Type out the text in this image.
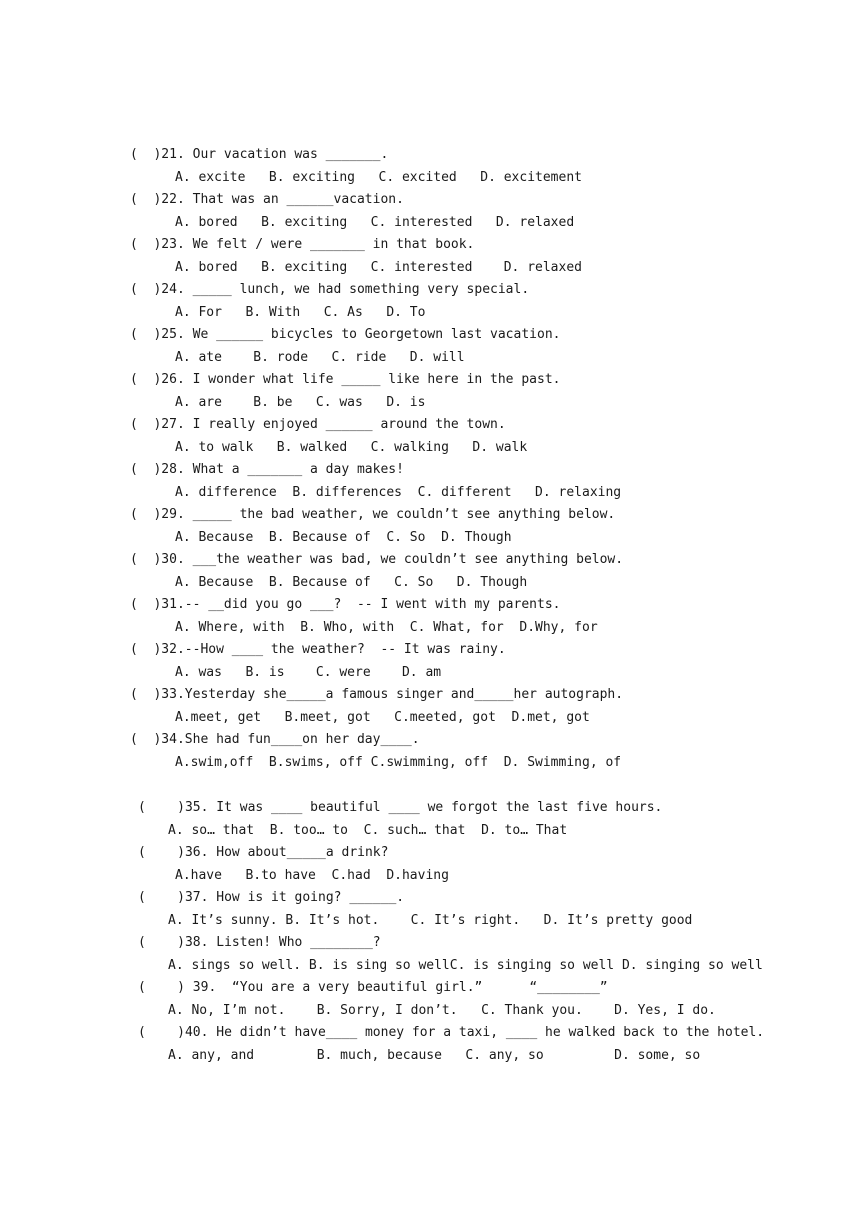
(  )21. Our vacation was _______.
A. excite   B. exciting   C. excited   D. excitement
(  )22. That was an ______vacation.
A. bored   B. exciting   C. interested   D. relaxed
(  )23. We felt / were _______ in that book.
A. bored   B. exciting   C. interested    D. relaxed
(  )24. _____ lunch, we had something very special.
A. For   B. With   C. As   D. To
(  )25. We ______ bicycles to Georgetown last vacation.
A. ate    B. rode   C. ride   D. will
(  )26. I wonder what life _____ like here in the past.
A. are    B. be   C. was   D. is
(  )27. I really enjoyed ______ around the town.
A. to walk   B. walked   C. walking   D. walk
(  )28. What a _______ a day makes!
A. difference  B. differences  C. different   D. relaxing
(  )29. _____ the bad weather, we couldn’t see anything below.
A. Because  B. Because of  C. So  D. Though
(  )30. ___the weather was bad, we couldn’t see anything below.
A. Because  B. Because of   C. So   D. Though
(  )31.-- __did you go ___?  -- I went with my parents.
A. Where, with  B. Who, with  C. What, for  D.Why, for
(  )32.--How ____ the weather?  -- It was rainy.
A. was   B. is    C. were    D. am
(  )33.Yesterday she_____a famous singer and_____her autograph.
A.meet, get   B.meet, got   C.meeted, got  D.met, got
(  )34.She had fun____on her day____.
A.swim,off  B.swims, off C.swimming, off  D. Swimming, of
(    )35. It was ____ beautiful ____ we forgot the last five hours.
A. so… that  B. too… to  C. such… that  D. to… That
(    )36. How about_____a drink?
A.have   B.to have  C.had  D.having
(    )37. How is it going? ______.
A. It’s sunny. B. It’s hot.    C. It’s right.   D. It’s pretty good
(    )38. Listen! Who ________?
A. sings so well. B. is sing so wellC. is singing so well D. singing so well
(    ) 39.  “You are a very beautiful girl.”      “________”
A. No, I’m not.    B. Sorry, I don’t.   C. Thank you.    D. Yes, I do.
(    )40. He didn’t have____ money for a taxi, ____ he walked back to the hotel.
A. any, and        B. much, because   C. any, so         D. some, so
